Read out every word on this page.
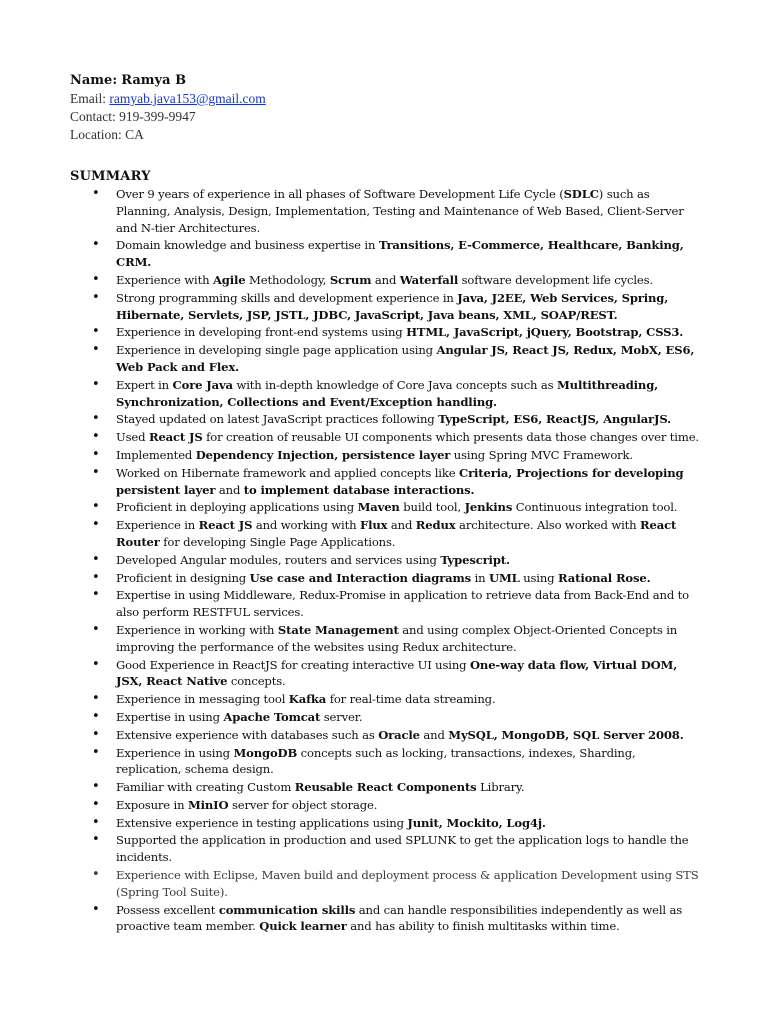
Name: Ramya B
Email: ramyab.java153@gmail.com
Contact: 919-399-9947
Location: CA
SUMMARY
• Over 9 years of experience in all phases of Software Development Life Cycle (SDLC) such as Planning, Analysis, Design, Implementation, Testing and Maintenance of Web Based, Client-Server and N-tier Architectures.
• Domain knowledge and business expertise in Transitions, E-Commerce, Healthcare, Banking, CRM.
• Experience with Agile Methodology, Scrum and Waterfall software development life cycles.
• Strong programming skills and development experience in Java, J2EE, Web Services, Spring, Hibernate, Servlets, JSP, JSTL, JDBC, JavaScript, Java beans, XML, SOAP/REST.
• Experience in developing front-end systems using HTML, JavaScript, jQuery, Bootstrap, CSS3.
• Experience in developing single page application using Angular JS, React JS, Redux, MobX, ES6, Web Pack and Flex.
• Expert in Core Java with in-depth knowledge of Core Java concepts such as Multithreading, Synchronization, Collections and Event/Exception handling.
• Stayed updated on latest JavaScript practices following TypeScript, ES6, ReactJS, AngularJS.
• Used React JS for creation of reusable UI components which presents data those changes over time.
• Implemented Dependency Injection, persistence layer using Spring MVC Framework.
• Worked on Hibernate framework and applied concepts like Criteria, Projections for developing persistent layer and to implement database interactions.
• Proficient in deploying applications using Maven build tool, Jenkins Continuous integration tool.
• Experience in React JS and working with Flux and Redux architecture. Also worked with React Router for developing Single Page Applications.
• Developed Angular modules, routers and services using Typescript.
• Proficient in designing Use case and Interaction diagrams in UML using Rational Rose.
• Expertise in using Middleware, Redux-Promise in application to retrieve data from Back-End and to also perform RESTFUL services.
• Experience in working with State Management and using complex Object-Oriented Concepts in improving the performance of the websites using Redux architecture.
• Good Experience in ReactJS for creating interactive UI using One-way data flow, Virtual DOM, JSX, React Native concepts.
• Experience in messaging tool Kafka for real-time data streaming.
• Expertise in using Apache Tomcat server.
• Extensive experience with databases such as Oracle and MySQL, MongoDB, SQL Server 2008.
• Experience in using MongoDB concepts such as locking, transactions, indexes, Sharding, replication, schema design.
• Familiar with creating Custom Reusable React Components Library.
• Exposure in MinIO server for object storage.
• Extensive experience in testing applications using Junit, Mockito, Log4j.
• Supported the application in production and used SPLUNK to get the application logs to handle the incidents.
• Experience with Eclipse, Maven build and deployment process & application Development using STS (Spring Tool Suite).
• Possess excellent communication skills and can handle responsibilities independently as well as proactive team member. Quick learner and has ability to finish multitasks within time.
